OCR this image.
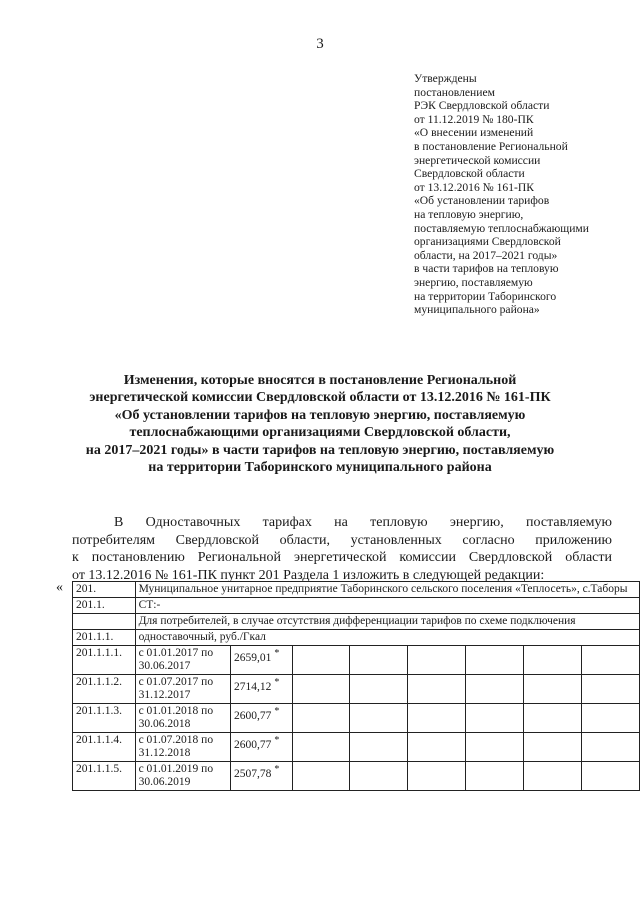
3
Утверждены
постановлением
РЭК Свердловской области
от 11.12.2019 № 180-ПК
«О внесении изменений
в постановление Региональной
энергетической комиссии
Свердловской области
от 13.12.2016 № 161-ПК
«Об установлении тарифов
на тепловую энергию,
поставляемую теплоснабжающими
организациями Свердловской
области, на 2017–2021 годы»
в части тарифов на тепловую
энергию, поставляемую
на территории Таборинского
муниципального района»
Изменения, которые вносятся в постановление Региональной
энергетической комиссии Свердловской области от 13.12.2016 № 161-ПК
«Об установлении тарифов на тепловую энергию, поставляемую
теплоснабжающими организациями Свердловской области,
на 2017–2021 годы» в части тарифов на тепловую энергию, поставляемую
на территории Таборинского муниципального района
В Одноставочных тарифах на тепловую энергию, поставляемую
потребителям Свердловской области, установленных согласно приложению
к постановлению Региональной энергетической комиссии Свердловской области
от 13.12.2016 № 161-ПК пункт 201 Раздела 1 изложить в следующей редакции:
« 201.	Муниципальное унитарное предприятие Таборинского сельского поселения «Теплосеть», с.Таборы							
201.1.	СТ:-							
	Для потребителей, в случае отсутствия дифференциации тарифов по схеме подключения							
201.1.1.	одноставочный, руб./Гкал							
201.1.1.1.	с 01.01.2017 по 30.06.2017	2659,01 *	

201.1.1.2.	с 01.07.2017 по 31.12.2017	2714,12 *	

201.1.1.3.	с 01.01.2018 по 30.06.2018	2600,77 *	

201.1.1.4.	с 01.07.2018 по 31.12.2018	2600,77 *	

201.1.1.5.	с 01.01.2019 по 30.06.2019	2507,78 *	
